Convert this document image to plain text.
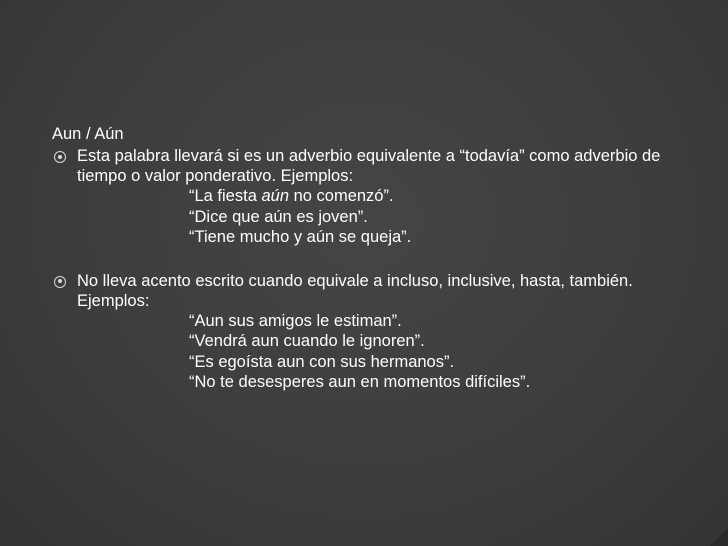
Aun / Aún
Esta palabra llevará si es un adverbio equivalente a “todavía” como adverbio de tiempo o valor ponderativo. Ejemplos:
“La fiesta aún no comenzó”.
“Dice que aún es joven”.
“Tiene mucho y aún se queja”.
No lleva acento escrito cuando equivale a incluso, inclusive, hasta, también. Ejemplos:
“Aun sus amigos le estiman”.
“Vendrá aun cuando le ignoren”.
“Es egoísta aun con sus hermanos”.
“No te desesperes aun en momentos difíciles”.
